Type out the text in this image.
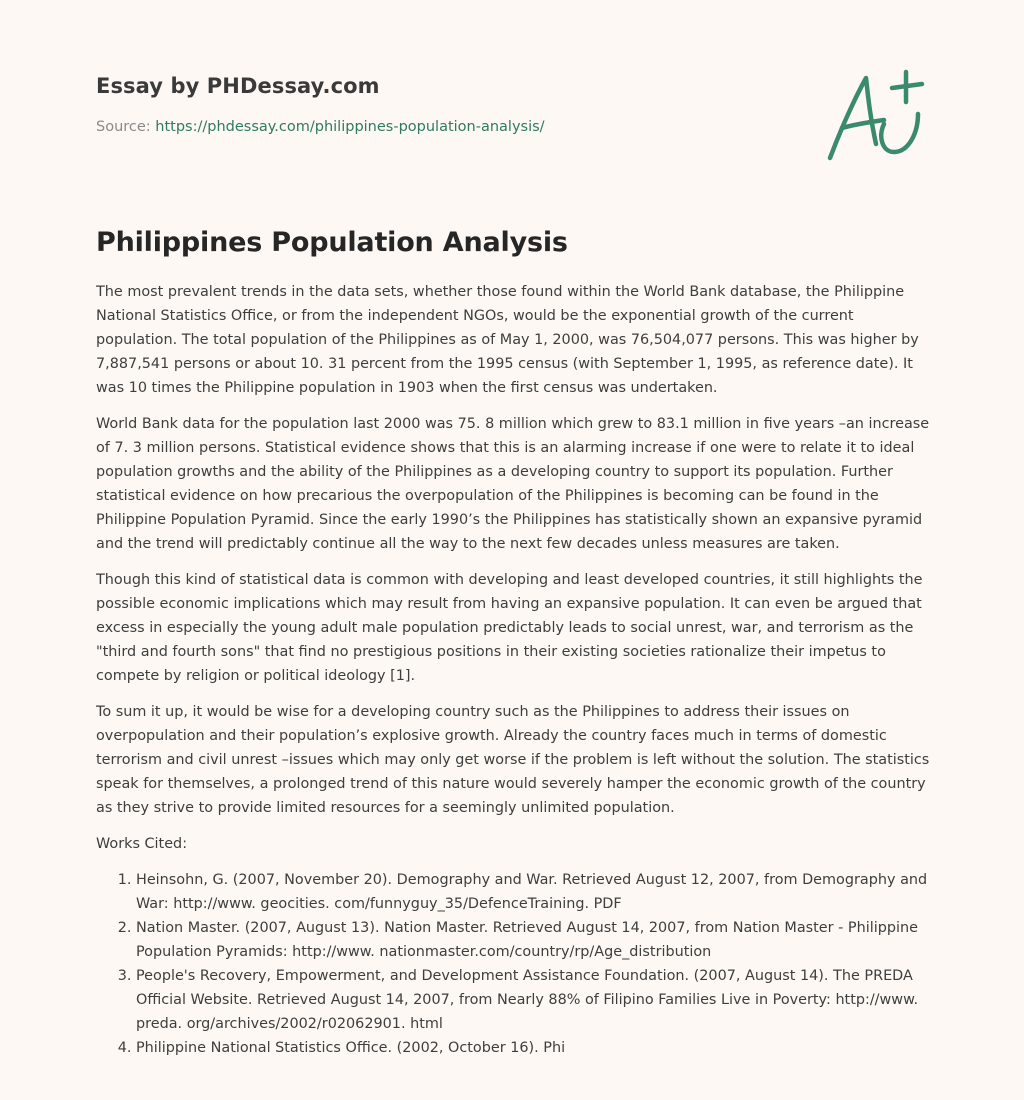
Essay by PHDessay.com
Source: https://phdessay.com/philippines-population-analysis/
Philippines Population Analysis

The most prevalent trends in the data sets, whether those found within the World Bank database, the Philippine National Statistics Office, or from the independent NGOs, would be the exponential growth of the current population. The total population of the Philippines as of May 1, 2000, was 76,504,077 persons. This was higher by 7,887,541 persons or about 10. 31 percent from the 1995 census (with September 1, 1995, as reference date). It was 10 times the Philippine population in 1903 when the first census was undertaken.

World Bank data for the population last 2000 was 75. 8 million which grew to 83.1 million in five years –an increase of 7. 3 million persons. Statistical evidence shows that this is an alarming increase if one were to relate it to ideal population growths and the ability of the Philippines as a developing country to support its population. Further statistical evidence on how precarious the overpopulation of the Philippines is becoming can be found in the Philippine Population Pyramid. Since the early 1990’s the Philippines has statistically shown an expansive pyramid and the trend will predictably continue all the way to the next few decades unless measures are taken.

Though this kind of statistical data is common with developing and least developed countries, it still highlights the possible economic implications which may result from having an expansive population. It can even be argued that excess in especially the young adult male population predictably leads to social unrest, war, and terrorism as the "third and fourth sons" that find no prestigious positions in their existing societies rationalize their impetus to compete by religion or political ideology [1].

To sum it up, it would be wise for a developing country such as the Philippines to address their issues on overpopulation and their population’s explosive growth. Already the country faces much in terms of domestic terrorism and civil unrest –issues which may only get worse if the problem is left without the solution. The statistics speak for themselves, a prolonged trend of this nature would severely hamper the economic growth of the country as they strive to provide limited resources for a seemingly unlimited population.

Works Cited:

1. Heinsohn, G. (2007, November 20). Demography and War. Retrieved August 12, 2007, from Demography and War: http://www. geocities. com/funnyguy_35/DefenceTraining. PDF
2. Nation Master. (2007, August 13). Nation Master. Retrieved August 14, 2007, from Nation Master - Philippine Population Pyramids: http://www. nationmaster.com/country/rp/Age_distribution
3. People's Recovery, Empowerment, and Development Assistance Foundation. (2007, August 14). The PREDA Official Website. Retrieved August 14, 2007, from Nearly 88% of Filipino Families Live in Poverty: http://www. preda. org/archives/2002/r02062901. html
4. Philippine National Statistics Office. (2002, October 16). Phi
